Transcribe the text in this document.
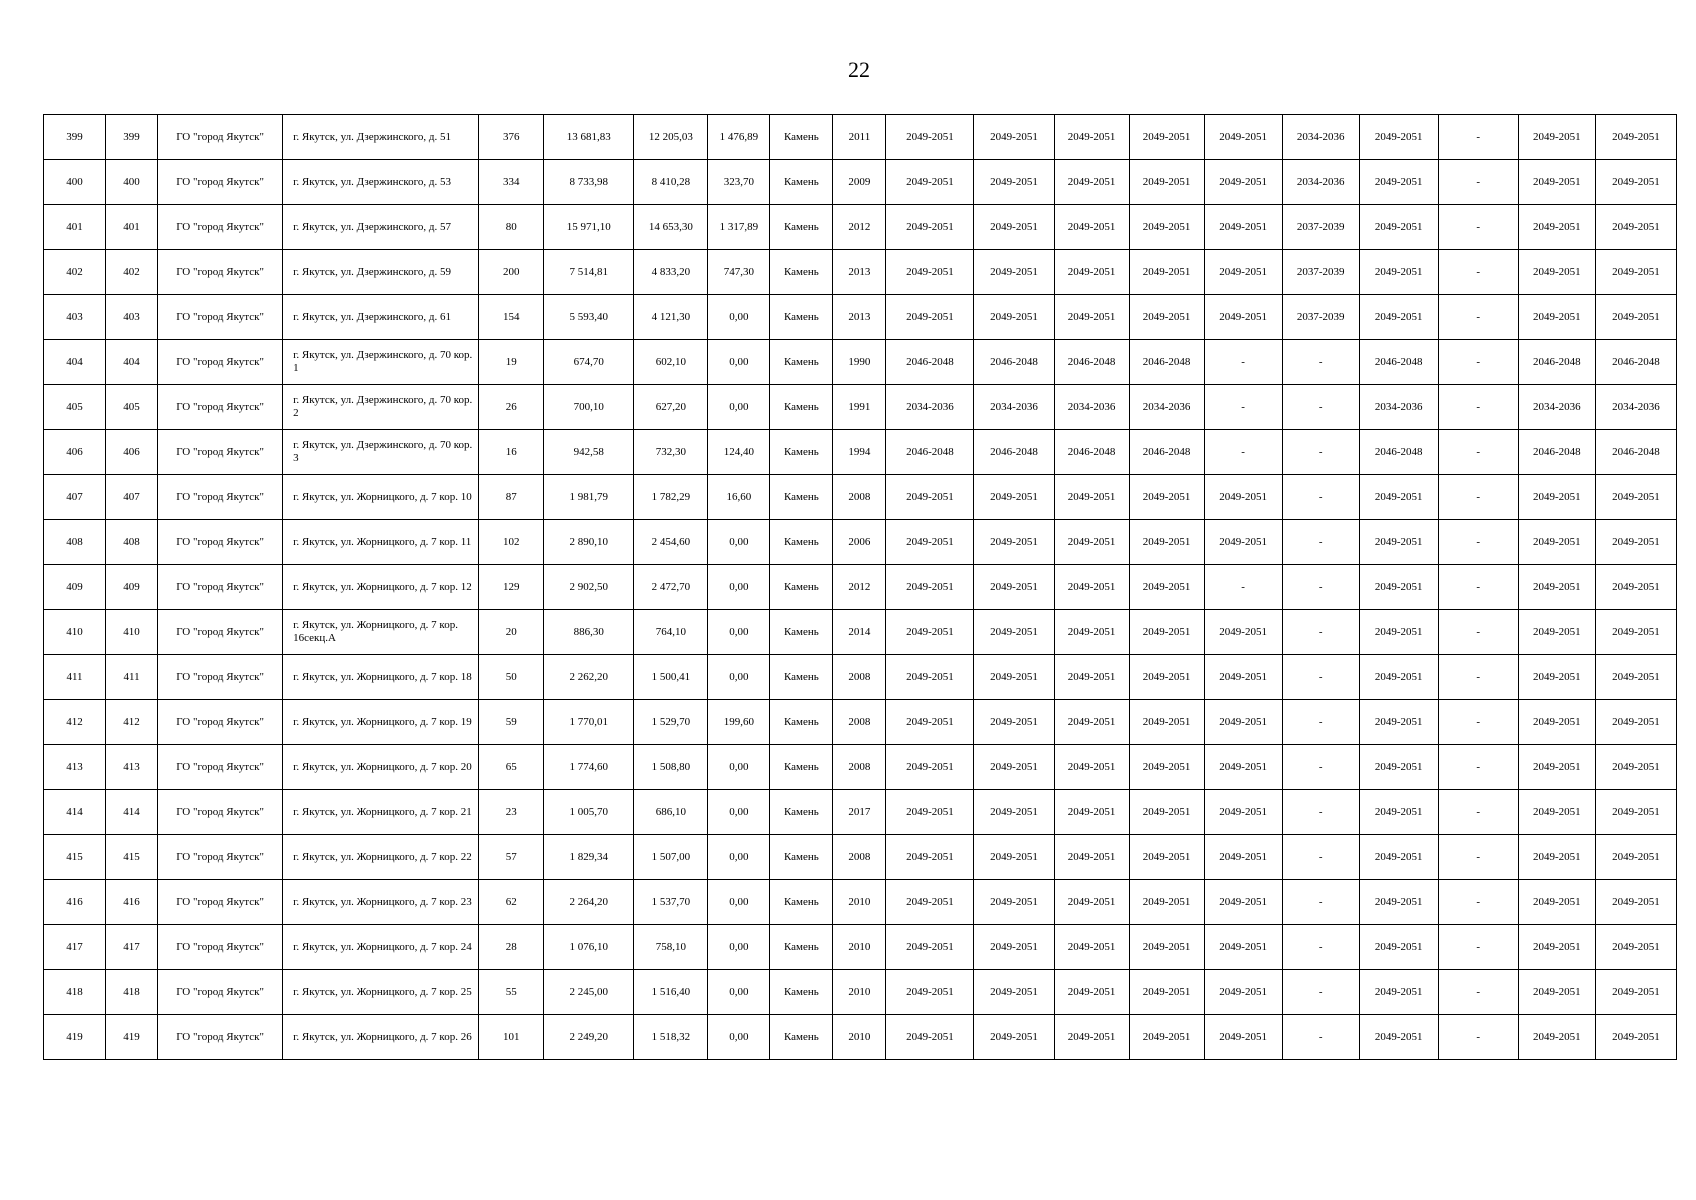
22
399	399	ГО "город Якутск"	г. Якутск, ул. Дзержинского, д. 51	376	13 681,83	12 205,03	1 476,89	Камень	2011	2049-2051	2049-2051	2049-2051	2049-2051	2049-2051	2034-2036	2049-2051	-	2049-2051	2049-2051
400	400	ГО "город Якутск"	г. Якутск, ул. Дзержинского, д. 53	334	8 733,98	8 410,28	323,70	Камень	2009	2049-2051	2049-2051	2049-2051	2049-2051	2049-2051	2034-2036	2049-2051	-	2049-2051	2049-2051
401	401	ГО "город Якутск"	г. Якутск, ул. Дзержинского, д. 57	80	15 971,10	14 653,30	1 317,89	Камень	2012	2049-2051	2049-2051	2049-2051	2049-2051	2049-2051	2037-2039	2049-2051	-	2049-2051	2049-2051
402	402	ГО "город Якутск"	г. Якутск, ул. Дзержинского, д. 59	200	7 514,81	4 833,20	747,30	Камень	2013	2049-2051	2049-2051	2049-2051	2049-2051	2049-2051	2037-2039	2049-2051	-	2049-2051	2049-2051
403	403	ГО "город Якутск"	г. Якутск, ул. Дзержинского, д. 61	154	5 593,40	4 121,30	0,00	Камень	2013	2049-2051	2049-2051	2049-2051	2049-2051	2049-2051	2037-2039	2049-2051	-	2049-2051	2049-2051
404	404	ГО "город Якутск"	г. Якутск, ул. Дзержинского, д. 70 кор. 1	19	674,70	602,10	0,00	Камень	1990	2046-2048	2046-2048	2046-2048	2046-2048	-	-	2046-2048	-	2046-2048	2046-2048
405	405	ГО "город Якутск"	г. Якутск, ул. Дзержинского, д. 70 кор. 2	26	700,10	627,20	0,00	Камень	1991	2034-2036	2034-2036	2034-2036	2034-2036	-	-	2034-2036	-	2034-2036	2034-2036
406	406	ГО "город Якутск"	г. Якутск, ул. Дзержинского, д. 70 кор. 3	16	942,58	732,30	124,40	Камень	1994	2046-2048	2046-2048	2046-2048	2046-2048	-	-	2046-2048	-	2046-2048	2046-2048
407	407	ГО "город Якутск"	г. Якутск, ул. Жорницкого, д. 7 кор. 10	87	1 981,79	1 782,29	16,60	Камень	2008	2049-2051	2049-2051	2049-2051	2049-2051	2049-2051	-	2049-2051	-	2049-2051	2049-2051
408	408	ГО "город Якутск"	г. Якутск, ул. Жорницкого, д. 7 кор. 11	102	2 890,10	2 454,60	0,00	Камень	2006	2049-2051	2049-2051	2049-2051	2049-2051	2049-2051	-	2049-2051	-	2049-2051	2049-2051
409	409	ГО "город Якутск"	г. Якутск, ул. Жорницкого, д. 7 кор. 12	129	2 902,50	2 472,70	0,00	Камень	2012	2049-2051	2049-2051	2049-2051	2049-2051	-	-	2049-2051	-	2049-2051	2049-2051
410	410	ГО "город Якутск"	г. Якутск, ул. Жорницкого, д. 7 кор. 16секц.А	20	886,30	764,10	0,00	Камень	2014	2049-2051	2049-2051	2049-2051	2049-2051	2049-2051	-	2049-2051	-	2049-2051	2049-2051
411	411	ГО "город Якутск"	г. Якутск, ул. Жорницкого, д. 7 кор. 18	50	2 262,20	1 500,41	0,00	Камень	2008	2049-2051	2049-2051	2049-2051	2049-2051	2049-2051	-	2049-2051	-	2049-2051	2049-2051
412	412	ГО "город Якутск"	г. Якутск, ул. Жорницкого, д. 7 кор. 19	59	1 770,01	1 529,70	199,60	Камень	2008	2049-2051	2049-2051	2049-2051	2049-2051	2049-2051	-	2049-2051	-	2049-2051	2049-2051
413	413	ГО "город Якутск"	г. Якутск, ул. Жорницкого, д. 7 кор. 20	65	1 774,60	1 508,80	0,00	Камень	2008	2049-2051	2049-2051	2049-2051	2049-2051	2049-2051	-	2049-2051	-	2049-2051	2049-2051
414	414	ГО "город Якутск"	г. Якутск, ул. Жорницкого, д. 7 кор. 21	23	1 005,70	686,10	0,00	Камень	2017	2049-2051	2049-2051	2049-2051	2049-2051	2049-2051	-	2049-2051	-	2049-2051	2049-2051
415	415	ГО "город Якутск"	г. Якутск, ул. Жорницкого, д. 7 кор. 22	57	1 829,34	1 507,00	0,00	Камень	2008	2049-2051	2049-2051	2049-2051	2049-2051	2049-2051	-	2049-2051	-	2049-2051	2049-2051
416	416	ГО "город Якутск"	г. Якутск, ул. Жорницкого, д. 7 кор. 23	62	2 264,20	1 537,70	0,00	Камень	2010	2049-2051	2049-2051	2049-2051	2049-2051	2049-2051	-	2049-2051	-	2049-2051	2049-2051
417	417	ГО "город Якутск"	г. Якутск, ул. Жорницкого, д. 7 кор. 24	28	1 076,10	758,10	0,00	Камень	2010	2049-2051	2049-2051	2049-2051	2049-2051	2049-2051	-	2049-2051	-	2049-2051	2049-2051
418	418	ГО "город Якутск"	г. Якутск, ул. Жорницкого, д. 7 кор. 25	55	2 245,00	1 516,40	0,00	Камень	2010	2049-2051	2049-2051	2049-2051	2049-2051	2049-2051	-	2049-2051	-	2049-2051	2049-2051
419	419	ГО "город Якутск"	г. Якутск, ул. Жорницкого, д. 7 кор. 26	101	2 249,20	1 518,32	0,00	Камень	2010	2049-2051	2049-2051	2049-2051	2049-2051	2049-2051	-	2049-2051	-	2049-2051	2049-2051
